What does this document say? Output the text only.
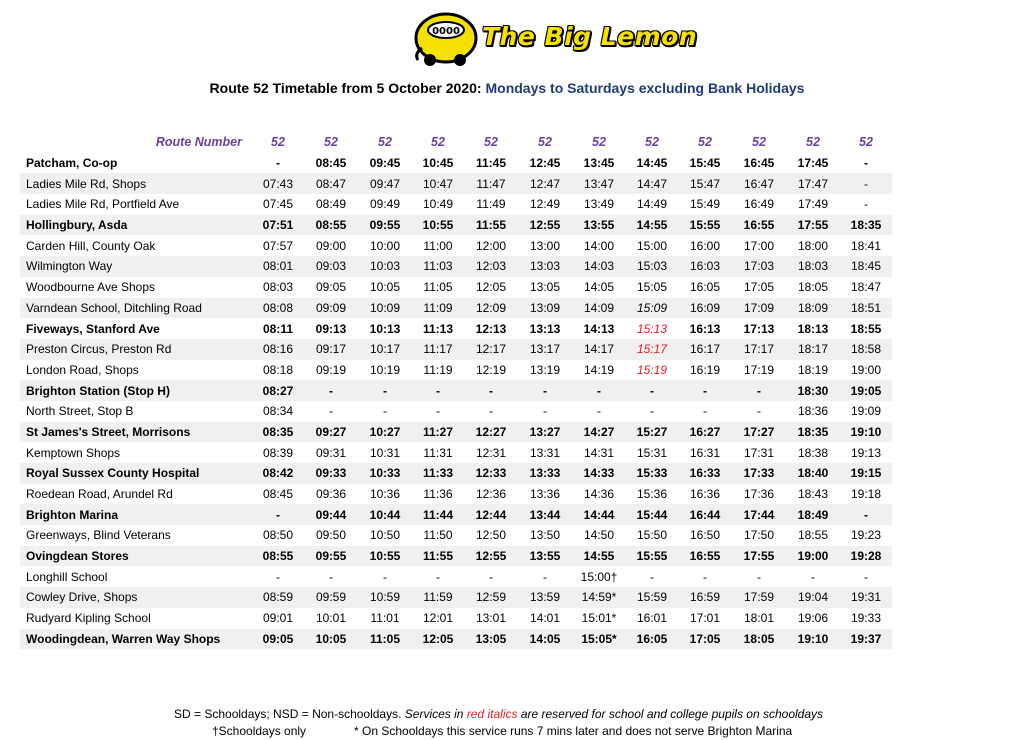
0000 The Big Lemon
Route 52 Timetable from 5 October 2020: Mondays to Saturdays excluding Bank Holidays
Route Number	52	52	52	52	52	52	52	52	52	52	52	52
Patcham, Co-op	-	08:45	09:45	10:45	11:45	12:45	13:45	14:45	15:45	16:45	17:45	-
Ladies Mile Rd, Shops	07:43	08:47	09:47	10:47	11:47	12:47	13:47	14:47	15:47	16:47	17:47	-
Ladies Mile Rd, Portfield Ave	07:45	08:49	09:49	10:49	11:49	12:49	13:49	14:49	15:49	16:49	17:49	-
Hollingbury, Asda	07:51	08:55	09:55	10:55	11:55	12:55	13:55	14:55	15:55	16:55	17:55	18:35
Carden Hill, County Oak	07:57	09:00	10:00	11:00	12:00	13:00	14:00	15:00	16:00	17:00	18:00	18:41
Wilmington Way	08:01	09:03	10:03	11:03	12:03	13:03	14:03	15:03	16:03	17:03	18:03	18:45
Woodbourne Ave Shops	08:03	09:05	10:05	11:05	12:05	13:05	14:05	15:05	16:05	17:05	18:05	18:47
Varndean School, Ditchling Road	08:08	09:09	10:09	11:09	12:09	13:09	14:09	15:09	16:09	17:09	18:09	18:51
Fiveways, Stanford Ave	08:11	09:13	10:13	11:13	12:13	13:13	14:13	15:13	16:13	17:13	18:13	18:55
Preston Circus, Preston Rd	08:16	09:17	10:17	11:17	12:17	13:17	14:17	15:17	16:17	17:17	18:17	18:58
London Road, Shops	08:18	09:19	10:19	11:19	12:19	13:19	14:19	15:19	16:19	17:19	18:19	19:00
Brighton Station (Stop H)	08:27	-	-	-	-	-	-	-	-	-	18:30	19:05
North Street, Stop B	08:34	-	-	-	-	-	-	-	-	-	18:36	19:09
St James's Street, Morrisons	08:35	09:27	10:27	11:27	12:27	13:27	14:27	15:27	16:27	17:27	18:35	19:10
Kemptown Shops	08:39	09:31	10:31	11:31	12:31	13:31	14:31	15:31	16:31	17:31	18:38	19:13
Royal Sussex County Hospital	08:42	09:33	10:33	11:33	12:33	13:33	14:33	15:33	16:33	17:33	18:40	19:15
Roedean Road, Arundel Rd	08:45	09:36	10:36	11:36	12:36	13:36	14:36	15:36	16:36	17:36	18:43	19:18
Brighton Marina	-	09:44	10:44	11:44	12:44	13:44	14:44	15:44	16:44	17:44	18:49	-
Greenways, Blind Veterans	08:50	09:50	10:50	11:50	12:50	13:50	14:50	15:50	16:50	17:50	18:55	19:23
Ovingdean Stores	08:55	09:55	10:55	11:55	12:55	13:55	14:55	15:55	16:55	17:55	19:00	19:28
Longhill School	-	-	-	-	-	-	15:00†	-	-	-	-	-
Cowley Drive, Shops	08:59	09:59	10:59	11:59	12:59	13:59	14:59*	15:59	16:59	17:59	19:04	19:31
Rudyard Kipling School	09:01	10:01	11:01	12:01	13:01	14:01	15:01*	16:01	17:01	18:01	19:06	19:33
Woodingdean, Warren Way Shops	09:05	10:05	11:05	12:05	13:05	14:05	15:05*	16:05	17:05	18:05	19:10	19:37
SD = Schooldays; NSD = Non-schooldays. Services in red italics are reserved for school and college pupils on schooldays
†Schooldays only	* On Schooldays this service runs 7 mins later and does not serve Brighton Marina
